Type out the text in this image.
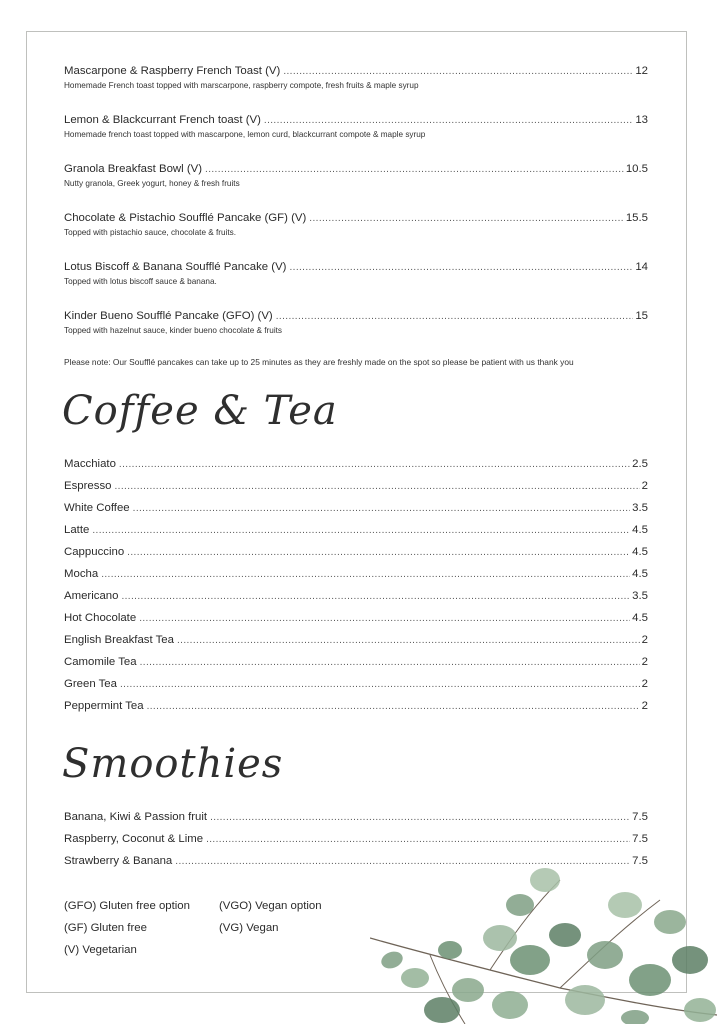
Mascarpone & Raspberry French Toast (V) .....	12
Homemade French toast topped with marscarpone, raspberry compote, fresh fruits & maple syrup
Lemon & Blackcurrant French toast (V) .....	13
Homemade french toast topped with mascarpone, lemon curd, blackcurrant compote & maple syrup
Granola Breakfast Bowl (V) .....	10.5
Nutty granola, Greek yogurt, honey & fresh fruits
Chocolate & Pistachio Soufflé Pancake (GF) (V) .....	15.5
Topped with pistachio sauce, chocolate & fruits.
Lotus Biscoff & Banana Soufflé Pancake (V) .....	14
Topped with lotus biscoff sauce & banana.
Kinder Bueno Soufflé Pancake (GFO) (V) .....	15
Topped with hazelnut sauce, kinder bueno chocolate & fruits
Please note: Our Soufflé pancakes can take up to 25 minutes as they are freshly made on the spot so please be patient with us thank you
Macchiato .....	2.5
Espresso .....	2
White Coffee .....	3.5
Latte .....	4.5
Cappuccino .....	4.5
Mocha .....	4.5
Americano .....	3.5
Hot Chocolate .....	4.5
English Breakfast Tea .....	2
Camomile Tea .....	2
Green Tea .....	2
Peppermint Tea .....	2
Banana, Kiwi & Passion fruit .....	7.5
Raspberry, Coconut & Lime .....	7.5
Strawberry & Banana .....	7.5
Coffee & Tea
Smoothies
(GFO) Gluten free option
(GF) Gluten free
(V) Vegetarian
(VGO) Vegan option
(VG) Vegan
